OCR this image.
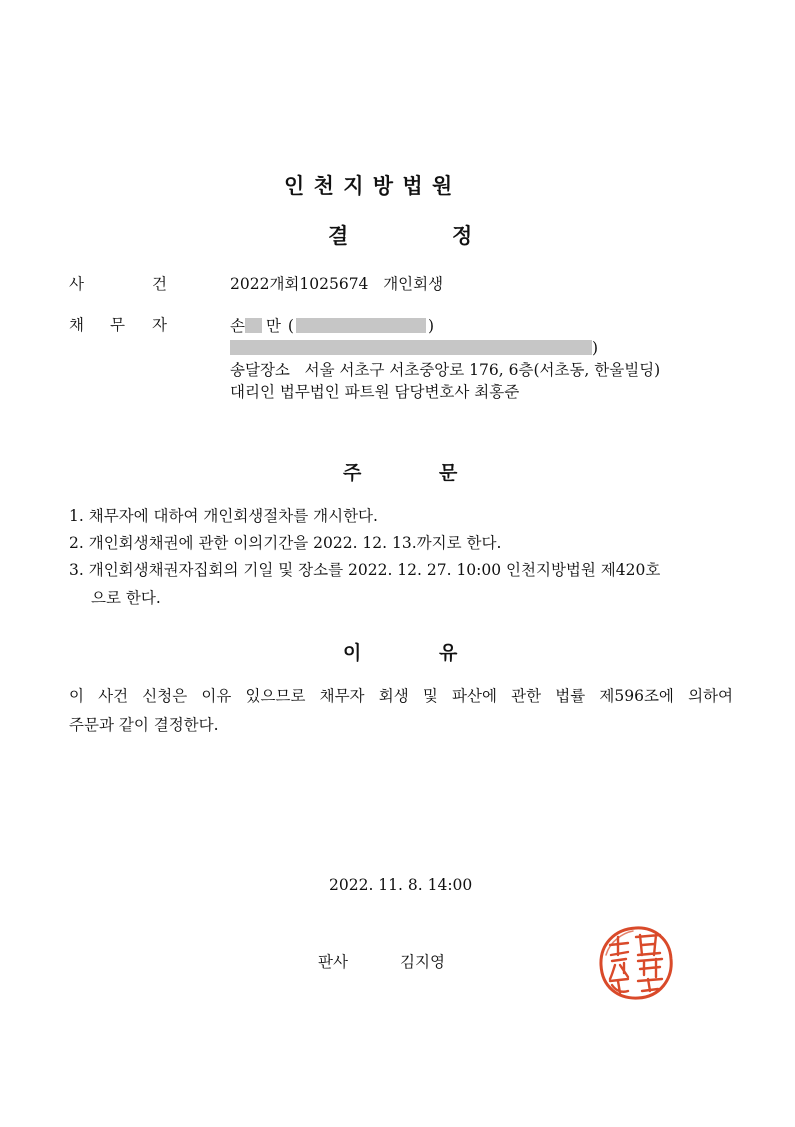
인 천 지 방 법 원
결	정
사	건	2022개회1025674   개인회생
채 무 자	손 만 (	)
)
송달장소   서울 서초구 서초중앙로 176, 6층(서초동, 한울빌딩)
대리인 법무법인 파트원 담당변호사 최홍준
주	문
1. 채무자에 대하여 개인회생절차를 개시한다.
2. 개인회생채권에 관한 이의기간을 2022. 12. 13.까지로 한다.
3. 개인회생채권자집회의 기일 및 장소를 2022. 12. 27. 10:00 인천지방법원 제420호
으로 한다.
이	유
이 사건 신청은 이유 있으므로 채무자 회생 및 파산에 관한 법률 제596조에 의하여
주문과 같이 결정한다.
2022. 11. 8. 14:00
판사	김지영
